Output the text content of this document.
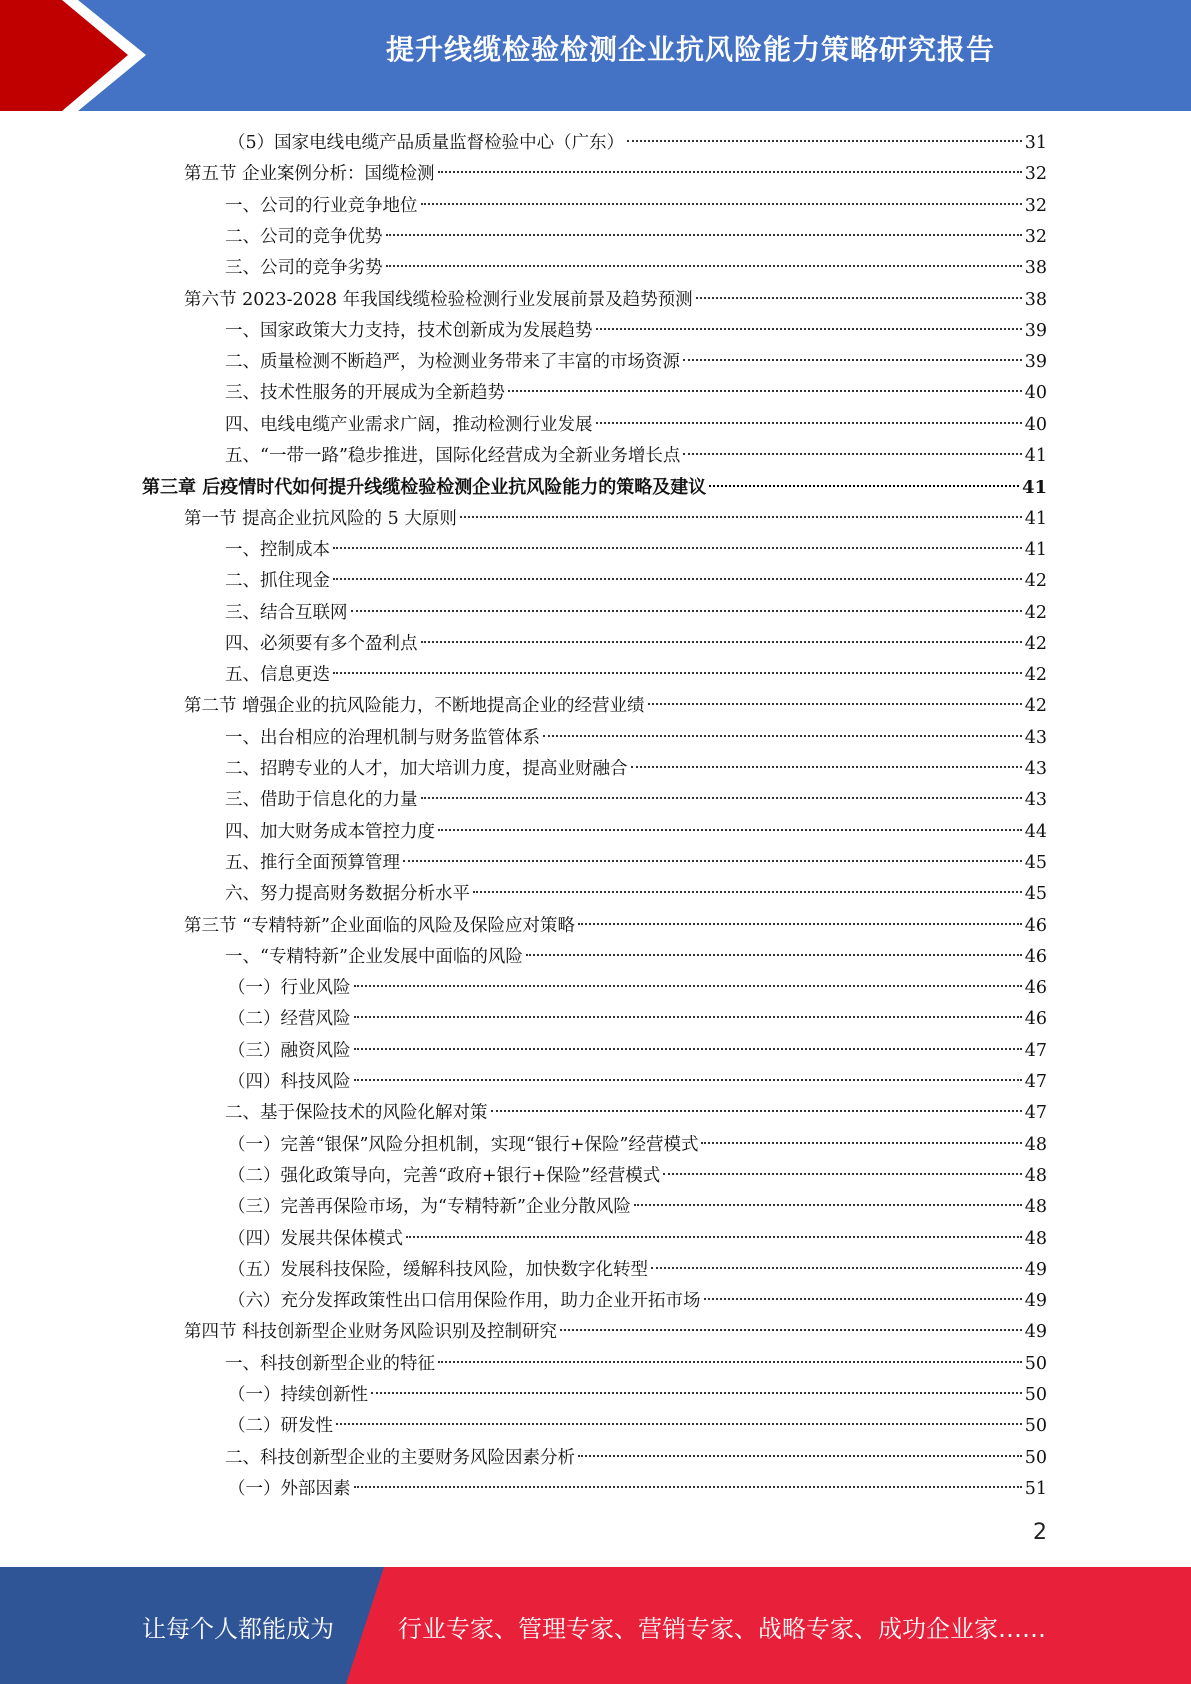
提升线缆检验检测企业抗风险能力策略研究报告
（5）国家电线电缆产品质量监督检验中心（广东）	31
第五节 企业案例分析：国缆检测	32
一、公司的行业竞争地位	32
二、公司的竞争优势	32
三、公司的竞争劣势	38
第六节 2023-2028 年我国线缆检验检测行业发展前景及趋势预测	38
一、国家政策大力支持，技术创新成为发展趋势	39
二、质量检测不断趋严，为检测业务带来了丰富的市场资源	39
三、技术性服务的开展成为全新趋势	40
四、电线电缆产业需求广阔，推动检测行业发展	40
五、“一带一路”稳步推进，国际化经营成为全新业务增长点	41
第三章 后疫情时代如何提升线缆检验检测企业抗风险能力的策略及建议	41
第一节 提高企业抗风险的 5 大原则	41
一、控制成本	41
二、抓住现金	42
三、结合互联网	42
四、必须要有多个盈利点	42
五、信息更迭	42
第二节 增强企业的抗风险能力，不断地提高企业的经营业绩	42
一、出台相应的治理机制与财务监管体系	43
二、招聘专业的人才，加大培训力度，提高业财融合	43
三、借助于信息化的力量	43
四、加大财务成本管控力度	44
五、推行全面预算管理	45
六、努力提高财务数据分析水平	45
第三节 “专精特新”企业面临的风险及保险应对策略	46
一、“专精特新”企业发展中面临的风险	46
（一）行业风险	46
（二）经营风险	46
（三）融资风险	47
（四）科技风险	47
二、基于保险技术的风险化解对策	47
（一）完善“银保”风险分担机制，实现“银行+保险”经营模式	48
（二）强化政策导向，完善“政府+银行+保险”经营模式	48
（三）完善再保险市场，为“专精特新”企业分散风险	48
（四）发展共保体模式	48
（五）发展科技保险，缓解科技风险，加快数字化转型	49
（六）充分发挥政策性出口信用保险作用，助力企业开拓市场	49
第四节 科技创新型企业财务风险识别及控制研究	49
一、科技创新型企业的特征	50
（一）持续创新性	50
（二）研发性	50
二、科技创新型企业的主要财务风险因素分析	50
（一）外部因素	51
2
让每个人都能成为	行业专家、管理专家、营销专家、战略专家、成功企业家……
